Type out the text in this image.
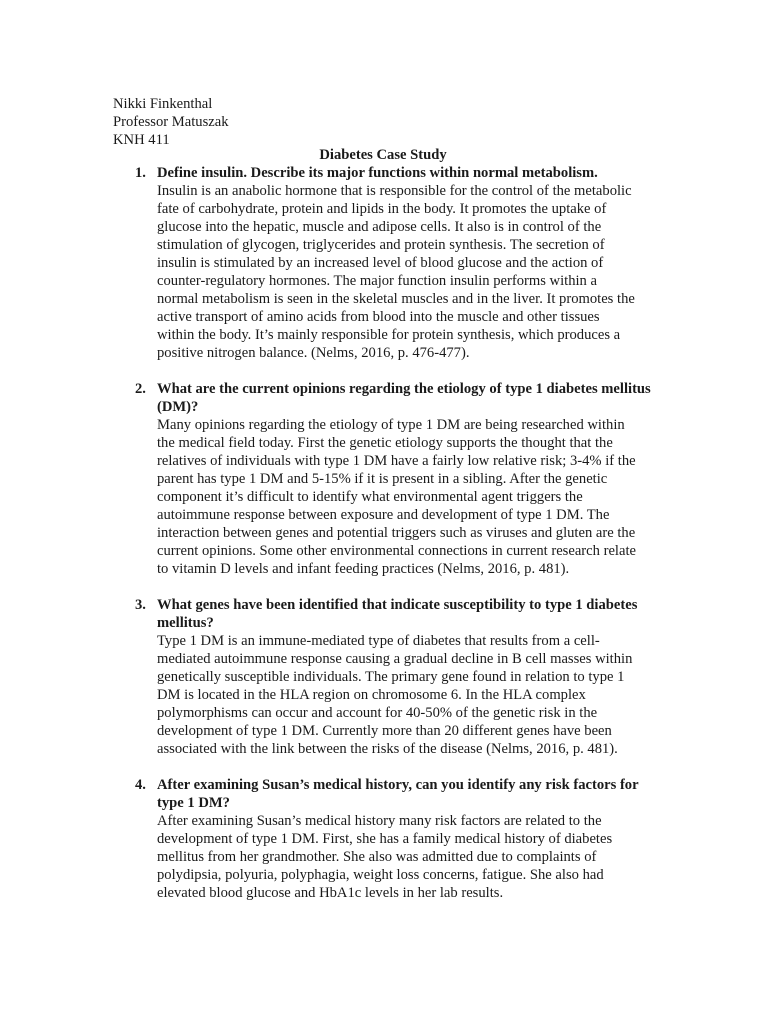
Nikki Finkenthal
Professor Matuszak
KNH 411
Diabetes Case Study
1. Define insulin. Describe its major functions within normal metabolism.
Insulin is an anabolic hormone that is responsible for the control of the metabolic
fate of carbohydrate, protein and lipids in the body. It promotes the uptake of
glucose into the hepatic, muscle and adipose cells. It also is in control of the
stimulation of glycogen, triglycerides and protein synthesis. The secretion of
insulin is stimulated by an increased level of blood glucose and the action of
counter-regulatory hormones. The major function insulin performs within a
normal metabolism is seen in the skeletal muscles and in the liver. It promotes the
active transport of amino acids from blood into the muscle and other tissues
within the body. It’s mainly responsible for protein synthesis, which produces a
positive nitrogen balance. (Nelms, 2016, p. 476-477).
2. What are the current opinions regarding the etiology of type 1 diabetes mellitus (DM)?
Many opinions regarding the etiology of type 1 DM are being researched within
the medical field today. First the genetic etiology supports the thought that the
relatives of individuals with type 1 DM have a fairly low relative risk; 3-4% if the
parent has type 1 DM and 5-15% if it is present in a sibling. After the genetic
component it’s difficult to identify what environmental agent triggers the
autoimmune response between exposure and development of type 1 DM. The
interaction between genes and potential triggers such as viruses and gluten are the
current opinions. Some other environmental connections in current research relate
to vitamin D levels and infant feeding practices (Nelms, 2016, p. 481).
3. What genes have been identified that indicate susceptibility to type 1 diabetes mellitus?
Type 1 DM is an immune-mediated type of diabetes that results from a cell-
mediated autoimmune response causing a gradual decline in B cell masses within
genetically susceptible individuals. The primary gene found in relation to type 1
DM is located in the HLA region on chromosome 6. In the HLA complex
polymorphisms can occur and account for 40-50% of the genetic risk in the
development of type 1 DM. Currently more than 20 different genes have been
associated with the link between the risks of the disease (Nelms, 2016, p. 481).
4. After examining Susan’s medical history, can you identify any risk factors for type 1 DM?
After examining Susan’s medical history many risk factors are related to the
development of type 1 DM. First, she has a family medical history of diabetes
mellitus from her grandmother. She also was admitted due to complaints of
polydipsia, polyuria, polyphagia, weight loss concerns, fatigue. She also had
elevated blood glucose and HbA1c levels in her lab results.
